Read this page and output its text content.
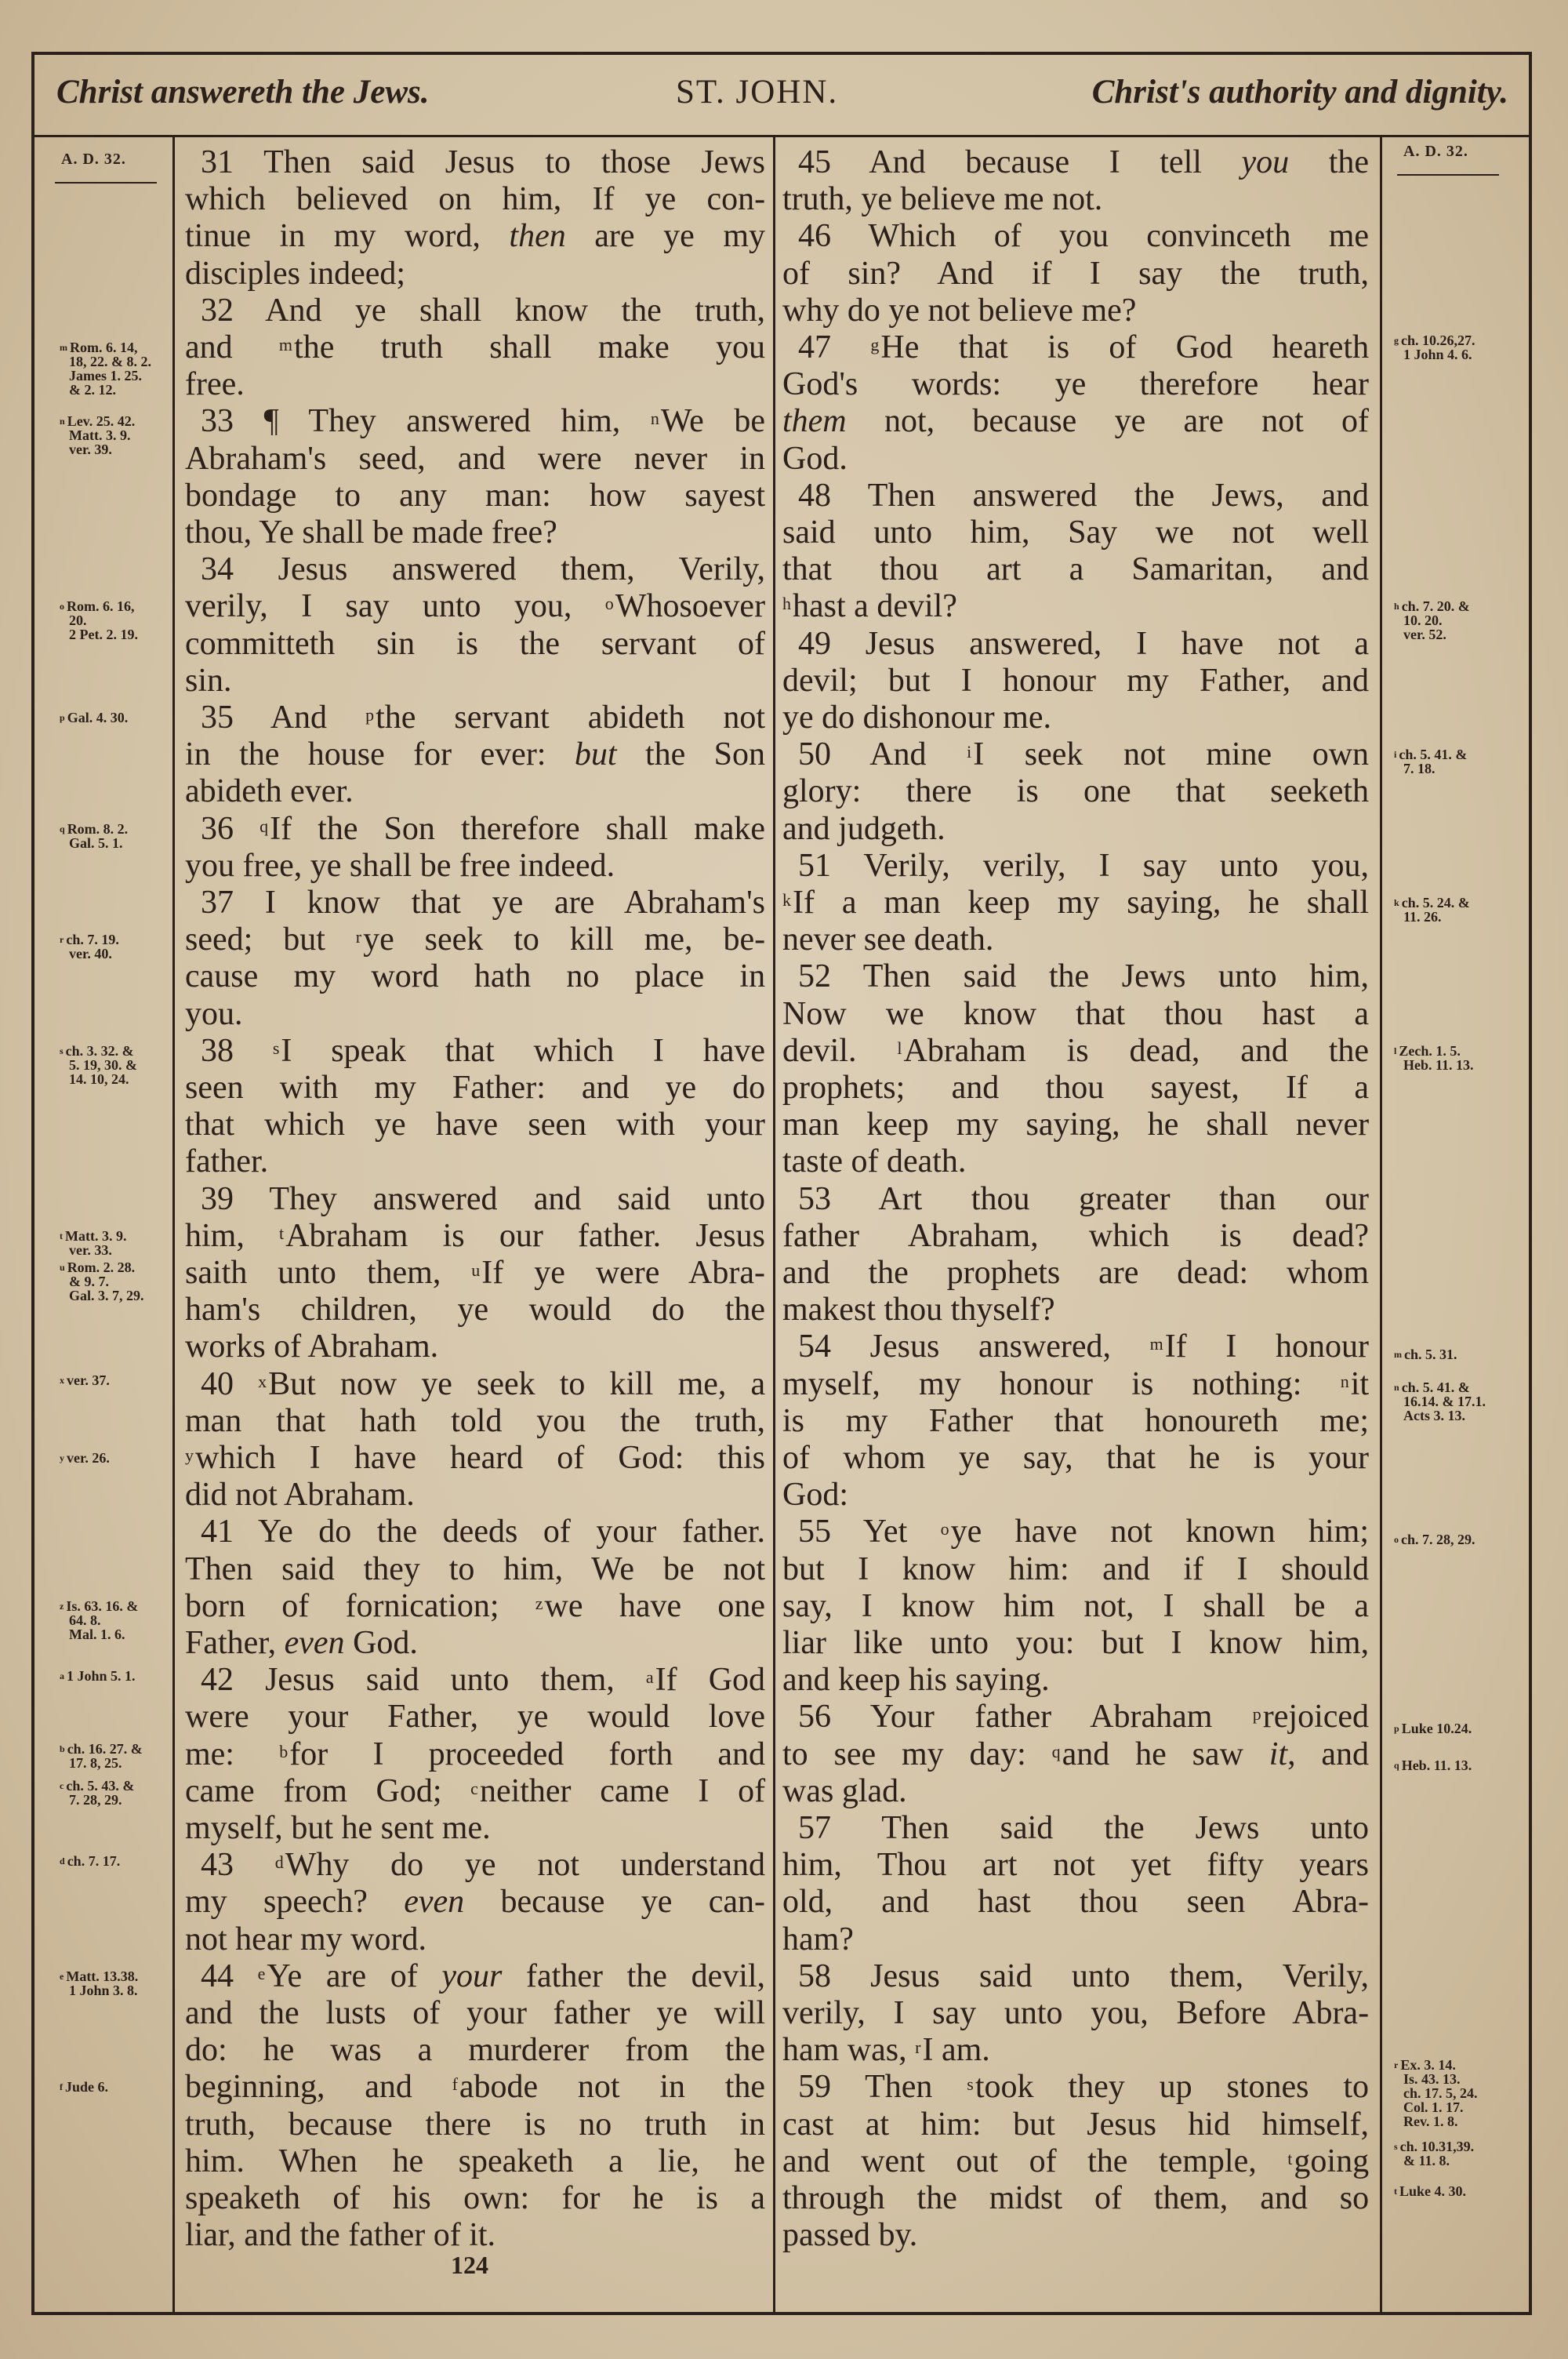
Christ answereth the Jews.	ST. JOHN.	Christ's authority and dignity.
A. D. 32.	A. D. 32.
31 Then said Jesus to those Jews
which believed on him, If ye con-
tinue in my word, then are ye my
disciples indeed;
32 And ye shall know the truth,
and	$^m$the truth shall make you
free.
33 ¶ They answered him, $^n$We be
Abraham's seed, and were never in
bondage to any man: how sayest
thou, Ye shall be made free?
34 Jesus answered them, Verily,
verily, I say unto you, $^o$Whosoever
committeth sin is the servant of
sin.
35 And $^p$the servant abideth not
in the house for ever: but the Son
abideth ever.
36 $^q$If the Son therefore shall make
you free, ye shall be free indeed.
37 I know that ye are Abraham's
seed; but $^r$ye seek to kill me, be-
cause my word hath no place in
you.
38 $^s$I speak that which I have
seen with my Father: and ye do
that which ye have seen with your
father.
39 They answered and said unto
him, $^t$Abraham is our father. Jesus
saith unto them, $^u$If ye were Abra-
ham's children, ye would do the
works of Abraham.
40 $^x$But now ye seek to kill me, a
man that hath told you the truth,
$^y$which I have heard of God: this
did not Abraham.
41 Ye do the deeds of your father.
Then said they to him, We be not
born of fornication; $^z$we have one
Father, even God.
42 Jesus said unto them, $^a$If God
were your Father, ye would love
me:	$^b$for I proceeded forth and
came from God; $^c$neither came I of
myself, but he sent me.
43 $^d$Why do ye not understand
my speech? even because ye can-
not hear my word.
44 $^e$Ye are of your father the devil,
and the lusts of your father ye will
do: he was a murderer from the
beginning, and $^f$abode not in the
truth, because there is no truth in
him. When he speaketh a lie, he
speaketh of his own: for he is a
liar, and the father of it.
45 And because I tell you the
truth, ye believe me not.
46 Which of you convinceth me
of sin? And if I say the truth,
why do ye not believe me?
47 $^g$He that is of God heareth
God's words: ye therefore hear
them not, because ye are not of
God.
48 Then answered the Jews, and
said unto him, Say we not well
that thou art a Samaritan, and
$^h$hast a devil?
49 Jesus answered, I have not a
devil; but I honour my Father, and
ye do dishonour me.
50 And $^i$I seek not mine own
glory: there is one that seeketh
and judgeth.
51 Verily, verily, I say unto you,
$^k$If a man keep my saying, he shall
never see death.
52 Then said the Jews unto him,
Now we know that thou hast a
devil. $^l$Abraham is dead, and the
prophets; and thou sayest, If a
man keep my saying, he shall never
taste of death.
53 Art thou greater than our
father Abraham, which is dead?
and the prophets are dead: whom
makest thou thyself?
54 Jesus answered, $^m$If I honour
myself, my honour is nothing: $^n$it
is my Father that honoureth me;
of whom ye say, that he is your
God:
55 Yet $^o$ye have not known him;
but I know him: and if I should
say, I know him not, I shall be a
liar like unto you: but I know him,
and keep his saying.
56 Your father Abraham $^p$rejoiced
to see my day: $^q$and he saw it, and
was glad.
57 Then said the Jews unto
him, Thou art not yet fifty years
old, and hast thou seen Abra-
ham?
58 Jesus said unto them, Verily,
verily, I say unto you, Before Abra-
ham was, $^r$I am.
59 Then $^s$took they up stones to
cast at him: but Jesus hid himself,
and went out of the temple, $^t$going
through the midst of them, and so
passed by.
$^m$ Rom. 6. 14,
18, 22. & 8. 2.
James 1. 25.
& 2. 12.
$^n$ Lev. 25. 42.
Matt. 3. 9.
ver. 39.
$^o$ Rom. 6. 16,
20.
2 Pet. 2. 19.
$^p$ Gal. 4. 30.
$^q$ Rom. 8. 2.
Gal. 5. 1.
$^r$ ch. 7. 19.
ver. 40.
$^s$ ch. 3. 32. &
5. 19, 30. &
14. 10, 24.
$^t$ Matt. 3. 9.
ver. 33.
$^u$ Rom. 2. 28.
& 9. 7.
Gal. 3. 7, 29.
$^x$ ver. 37.
$^y$ ver. 26.
$^z$ Is. 63. 16. &
64. 8.
Mal. 1. 6.
$^a$ 1 John 5. 1.
$^b$ ch. 16. 27. &
17. 8, 25.
$^c$ ch. 5. 43. &
7. 28, 29.
$^d$ ch. 7. 17.
$^e$ Matt. 13.38.
1 John 3. 8.
$^f$ Jude 6.
$^g$ ch. 10.26,27.
1 John 4. 6.
$^h$ ch. 7. 20. &
10. 20.
ver. 52.
$^i$ ch. 5. 41. &
7. 18.
$^k$ ch. 5. 24. &
11. 26.
$^l$ Zech. 1. 5.
Heb. 11. 13.
$^m$ ch. 5. 31.
$^n$ ch. 5. 41. &
16.14. & 17.1.
Acts 3. 13.
$^o$ ch. 7. 28, 29.
$^p$ Luke 10.24.
$^q$ Heb. 11. 13.
$^r$ Ex. 3. 14.
Is. 43. 13.
ch. 17. 5, 24.
Col. 1. 17.
Rev. 1. 8.
$^s$ ch. 10.31,39.
& 11. 8.
$^t$ Luke 4. 30.
124
